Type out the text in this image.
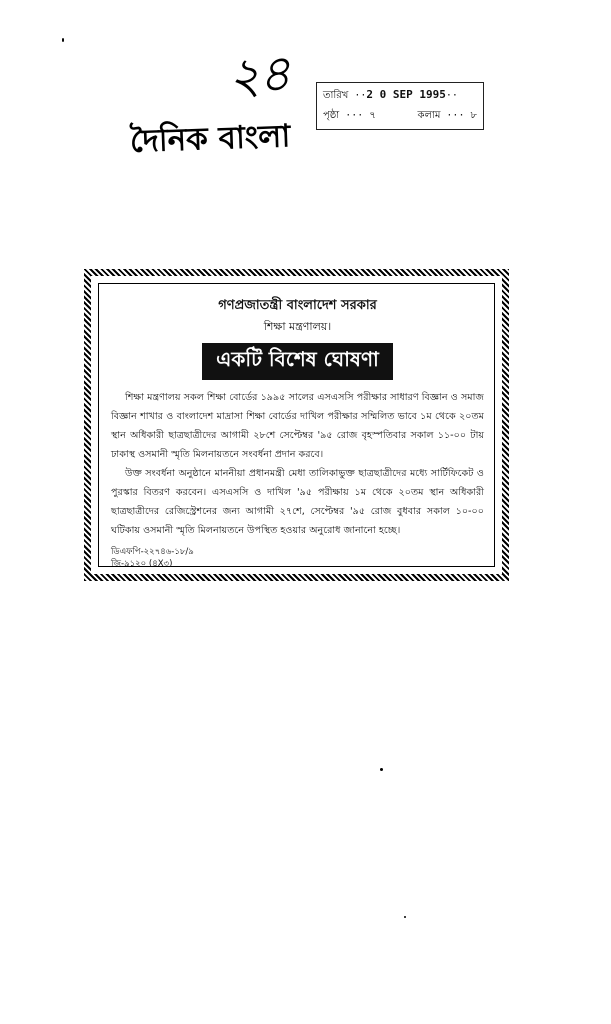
২৪
দৈনিক বাংলা
তারিখ ··2 0 SEP 1995··
পৃষ্ঠা ··· ৭	কলাম ··· ৮
গণপ্রজাতন্ত্রী বাংলাদেশ সরকার
শিক্ষা মন্ত্রণালয়।
একটি বিশেষ ঘোষণা

শিক্ষা মন্ত্রণালয় সকল শিক্ষা বোর্ডের ১৯৯৫ সালের এসএসসি পরীক্ষার সাধারণ বিজ্ঞান ও সমাজ বিজ্ঞান শাখার ও বাংলাদেশ মাদ্রাসা শিক্ষা বোর্ডের দাখিল পরীক্ষার সম্মিলিত ভাবে ১ম থেকে ২০তম স্থান অধিকারী ছাত্রছাত্রীদের আগামী ২৮শে সেপ্টেম্বর '৯৫ রোজ বৃহস্পতিবার সকাল ১১-০০ টায় ঢাকাস্থ ওসমানী স্মৃতি মিলনায়তনে সংবর্ধনা প্রদান করবে।

উক্ত সংবর্ধনা অনুষ্ঠানে মাননীয়া প্রধানমন্ত্রী মেধা তালিকাভুক্ত ছাত্রছাত্রীদের মধ্যে সার্টিফিকেট ও পুরস্কার বিতরণ করবেন। এসএসসি ও দাখিল '৯৫ পরীক্ষায় ১ম থেকে ২০তম স্থান অধিকারী ছাত্রছাত্রীদের রেজিস্ট্রেশনের জন্য আগামী ২৭শে, সেপ্টেম্বর '৯৫ রোজ বুধবার সকাল ১০-০০ ঘটিকায় ওসমানী স্মৃতি মিলনায়তনে উপস্থিত হওয়ার অনুরোধ জানানো হচ্ছে।

ডিএফপি-২২৭৪৬-১৮/৯
জি-৯১২০ (৪X৩)
